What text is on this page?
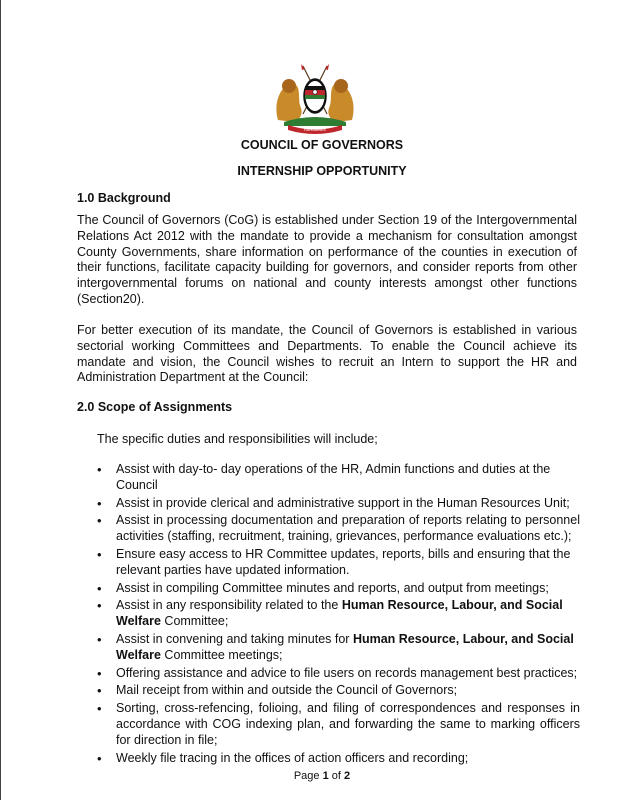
HARAMBEE
COUNCIL OF GOVERNORS
INTERNSHIP OPPORTUNITY
1.0 Background
The Council of Governors (CoG) is established under Section 19 of the Intergovernmental Relations Act 2012 with the mandate to provide a mechanism for consultation amongst County Governments, share information on performance of the counties in execution of their functions, facilitate capacity building for governors, and consider reports from other intergovernmental forums on national and county interests amongst other functions (Section20).
For better execution of its mandate, the Council of Governors is established in various sectorial working Committees and Departments. To enable the Council achieve its mandate and vision, the Council wishes to recruit an Intern to support the HR and Administration Department at the Council:
2.0 Scope of Assignments
The specific duties and responsibilities will include;
• Assist with day-to- day operations of the HR, Admin functions and duties at the Council
• Assist in provide clerical and administrative support in the Human Resources Unit;
• Assist in processing documentation and preparation of reports relating to personnel activities (staffing, recruitment, training, grievances, performance evaluations etc.);
• Ensure easy access to HR Committee updates, reports, bills and ensuring that the relevant parties have updated information.
• Assist in compiling Committee minutes and reports, and output from meetings;
• Assist in any responsibility related to the Human Resource, Labour, and Social Welfare Committee;
• Assist in convening and taking minutes for Human Resource, Labour, and Social Welfare Committee meetings;
• Offering assistance and advice to file users on records management best practices;
• Mail receipt from within and outside the Council of Governors;
• Sorting, cross-refencing, folioing, and filing of correspondences and responses in accordance with COG indexing plan, and forwarding the same to marking officers for direction in file;
• Weekly file tracing in the offices of action officers and recording;
Page 1 of 2
